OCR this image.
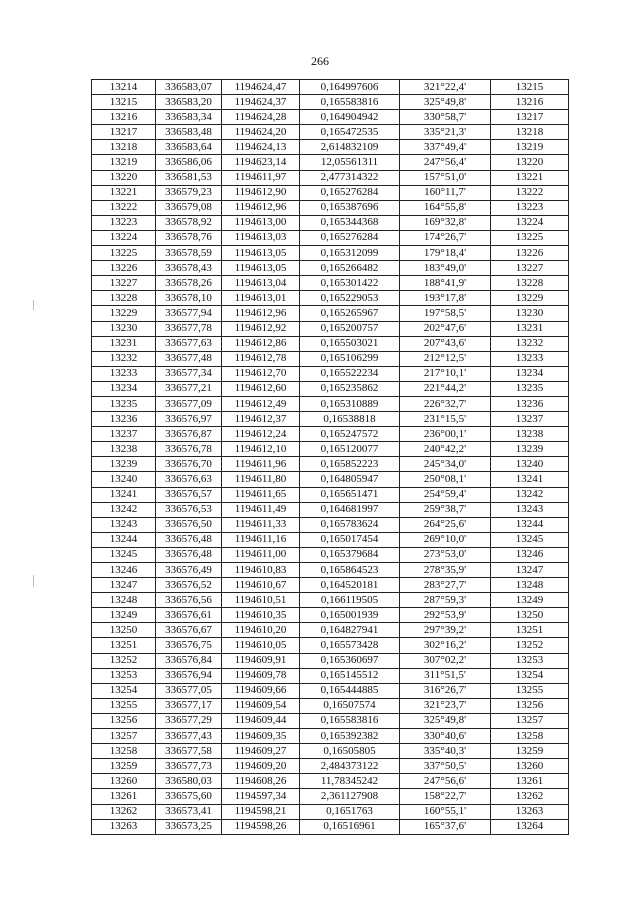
266
13214	336583,07	1194624,47	0,164997606	321°22,4'	13215
13215	336583,20	1194624,37	0,165583816	325°49,8'	13216
13216	336583,34	1194624,28	0,164904942	330°58,7'	13217
13217	336583,48	1194624,20	0,165472535	335°21,3'	13218
13218	336583,64	1194624,13	2,614832109	337°49,4'	13219
13219	336586,06	1194623,14	12,05561311	247°56,4'	13220
13220	336581,53	1194611,97	2,477314322	157°51,0'	13221
13221	336579,23	1194612,90	0,165276284	160°11,7'	13222
13222	336579,08	1194612,96	0,165387696	164°55,8'	13223
13223	336578,92	1194613,00	0,165344368	169°32,8'	13224
13224	336578,76	1194613,03	0,165276284	174°26,7'	13225
13225	336578,59	1194613,05	0,165312099	179°18,4'	13226
13226	336578,43	1194613,05	0,165266482	183°49,0'	13227
13227	336578,26	1194613,04	0,165301422	188°41,9'	13228
13228	336578,10	1194613,01	0,165229053	193°17,8'	13229
13229	336577,94	1194612,96	0,165265967	197°58,5'	13230
13230	336577,78	1194612,92	0,165200757	202°47,6'	13231
13231	336577,63	1194612,86	0,165503021	207°43,6'	13232
13232	336577,48	1194612,78	0,165106299	212°12,5'	13233
13233	336577,34	1194612,70	0,165522234	217°10,1'	13234
13234	336577,21	1194612,60	0,165235862	221°44,2'	13235
13235	336577,09	1194612,49	0,165310889	226°32,7'	13236
13236	336576,97	1194612,37	0,16538818	231°15,5'	13237
13237	336576,87	1194612,24	0,165247572	236°00,1'	13238
13238	336576,78	1194612,10	0,165120077	240°42,2'	13239
13239	336576,70	1194611,96	0,165852223	245°34,0'	13240
13240	336576,63	1194611,80	0,164805947	250°08,1'	13241
13241	336576,57	1194611,65	0,165651471	254°59,4'	13242
13242	336576,53	1194611,49	0,164681997	259°38,7'	13243
13243	336576,50	1194611,33	0,165783624	264°25,6'	13244
13244	336576,48	1194611,16	0,165017454	269°10,0'	13245
13245	336576,48	1194611,00	0,165379684	273°53,0'	13246
13246	336576,49	1194610,83	0,165864523	278°35,9'	13247
13247	336576,52	1194610,67	0,164520181	283°27,7'	13248
13248	336576,56	1194610,51	0,166119505	287°59,3'	13249
13249	336576,61	1194610,35	0,165001939	292°53,9'	13250
13250	336576,67	1194610,20	0,164827941	297°39,2'	13251
13251	336576,75	1194610,05	0,165573428	302°16,2'	13252
13252	336576,84	1194609,91	0,165360697	307°02,2'	13253
13253	336576,94	1194609,78	0,165145512	311°51,5'	13254
13254	336577,05	1194609,66	0,165444885	316°26,7'	13255
13255	336577,17	1194609,54	0,16507574	321°23,7'	13256
13256	336577,29	1194609,44	0,165583816	325°49,8'	13257
13257	336577,43	1194609,35	0,165392382	330°40,6'	13258
13258	336577,58	1194609,27	0,16505805	335°40,3'	13259
13259	336577,73	1194609,20	2,484373122	337°50,5'	13260
13260	336580,03	1194608,26	11,78345242	247°56,6'	13261
13261	336575,60	1194597,34	2,361127908	158°22,7'	13262
13262	336573,41	1194598,21	0,1651763	160°55,1'	13263
13263	336573,25	1194598,26	0,16516961	165°37,6'	13264
